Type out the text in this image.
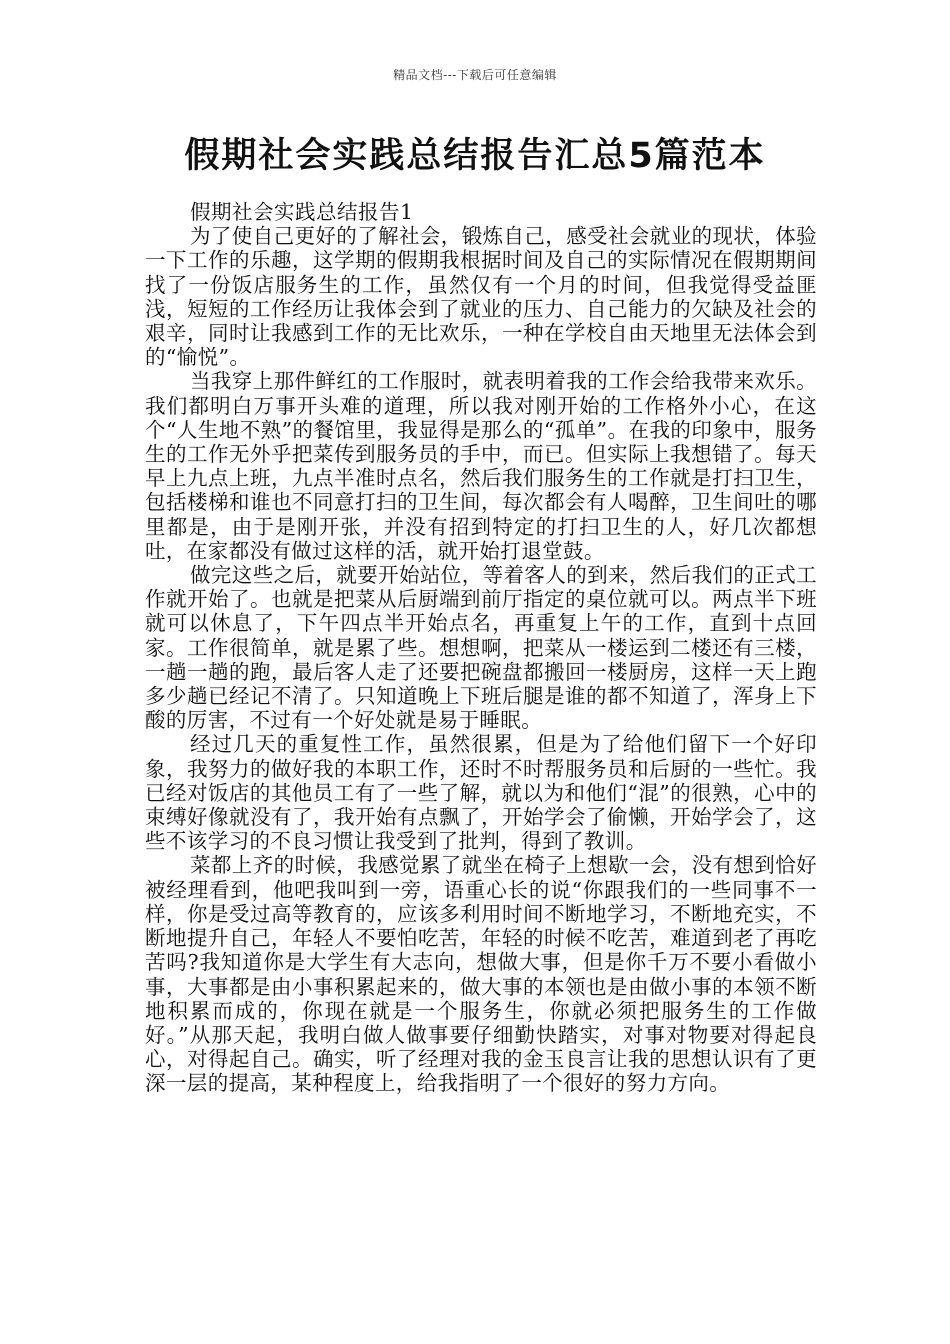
精品文档---下载后可任意编辑
假期社会实践总结报告汇总5篇范本

假期社会实践总结报告1

为了使自己更好的了解社会，锻炼自己，感受社会就业的现状，体验一下工作的乐趣，这学期的假期我根据时间及自己的实际情况在假期期间找了一份饭店服务生的工作，虽然仅有一个月的时间，但我觉得受益匪浅，短短的工作经历让我体会到了就业的压力、自己能力的欠缺及社会的艰辛，同时让我感到工作的无比欢乐，一种在学校自由天地里无法体会到的“愉悦”。

当我穿上那件鲜红的工作服时，就表明着我的工作会给我带来欢乐。我们都明白万事开头难的道理，所以我对刚开始的工作格外小心，在这个“人生地不熟”的餐馆里，我显得是那么的“孤单”。在我的印象中，服务生的工作无外乎把菜传到服务员的手中，而已。但实际上我想错了。每天早上九点上班，九点半准时点名，然后我们服务生的工作就是打扫卫生，包括楼梯和谁也不同意打扫的卫生间，每次都会有人喝醉，卫生间吐的哪里都是，由于是刚开张，并没有招到特定的打扫卫生的人，好几次都想吐，在家都没有做过这样的活，就开始打退堂鼓。

做完这些之后，就要开始站位，等着客人的到来，然后我们的正式工作就开始了。也就是把菜从后厨端到前厅指定的桌位就可以。两点半下班就可以休息了，下午四点半开始点名，再重复上午的工作，直到十点回家。工作很简单，就是累了些。想想啊，把菜从一楼运到二楼还有三楼，一趟一趟的跑，最后客人走了还要把碗盘都搬回一楼厨房，这样一天上跑多少趟已经记不清了。只知道晚上下班后腿是谁的都不知道了，浑身上下酸的厉害，不过有一个好处就是易于睡眠。

经过几天的重复性工作，虽然很累，但是为了给他们留下一个好印象，我努力的做好我的本职工作，还时不时帮服务员和后厨的一些忙。我已经对饭店的其他员工有了一些了解，就以为和他们“混”的很熟，心中的束缚好像就没有了，我开始有点飘了，开始学会了偷懒，开始学会了，这些不该学习的不良习惯让我受到了批判，得到了教训。

菜都上齐的时候，我感觉累了就坐在椅子上想歇一会，没有想到恰好被经理看到，他吧我叫到一旁，语重心长的说“你跟我们的一些同事不一样，你是受过高等教育的，应该多利用时间不断地学习，不断地充实，不断地提升自己，年轻人不要怕吃苦，年轻的时候不吃苦，难道到老了再吃苦吗?我知道你是大学生有大志向，想做大事，但是你千万不要小看做小事，大事都是由小事积累起来的，做大事的本领也是由做小事的本领不断地积累而成的，你现在就是一个服务生，你就必须把服务生的工作做好。”从那天起，我明白做人做事要仔细勤快踏实，对事对物要对得起良心，对得起自己。确实，听了经理对我的金玉良言让我的思想认识有了更深一层的提高，某种程度上，给我指明了一个很好的努力方向。
